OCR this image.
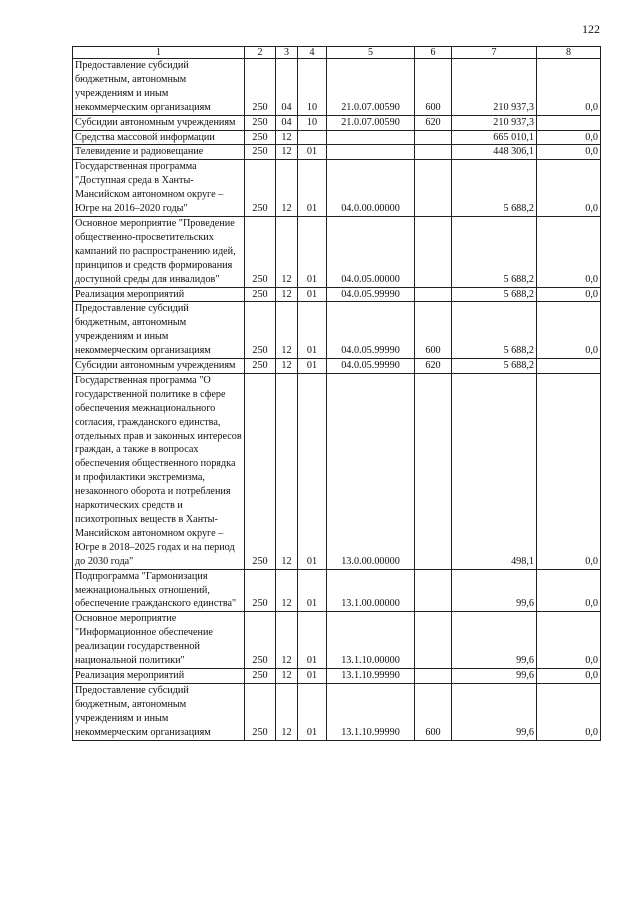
122
1	2	3	4	5	6	7	8
Предоставление субсидий бюджетным, автономным учреждениям и иным некоммерческим организациям	250	04	10	21.0.07.00590	600	210 937,3	0,0
Субсидии автономным учреждениям	250	04	10	21.0.07.00590	620	210 937,3	
Средства массовой информации	250	12				665 010,1	0,0
Телевидение и радиовещание	250	12	01			448 306,1	0,0
Государственная программа "Доступная среда в Ханты-Мансийском автономном округе – Югре на 2016–2020 годы"	250	12	01	04.0.00.00000		5 688,2	0,0
Основное мероприятие "Проведение общественно-просветительских кампаний по распространению идей, принципов и средств формирования доступной среды для инвалидов"	250	12	01	04.0.05.00000		5 688,2	0,0
Реализация мероприятий	250	12	01	04.0.05.99990		5 688,2	0,0
Предоставление субсидий бюджетным, автономным учреждениям и иным некоммерческим организациям	250	12	01	04.0.05.99990	600	5 688,2	0,0
Субсидии автономным учреждениям	250	12	01	04.0.05.99990	620	5 688,2	
Государственная программа "О государственной политике в сфере обеспечения межнационального согласия, гражданского единства, отдельных прав и законных интересов граждан, а также в вопросах обеспечения общественного порядка и профилактики экстремизма, незаконного оборота и потребления наркотических средств и психотропных веществ в Ханты-Мансийском автономном округе – Югре в 2018–2025 годах и на период до 2030 года"	250	12	01	13.0.00.00000		498,1	0,0
Подпрограмма "Гармонизация межнациональных отношений, обеспечение гражданского единства"	250	12	01	13.1.00.00000		99,6	0,0
Основное мероприятие "Информационное обеспечение реализации государственной национальной политики"	250	12	01	13.1.10.00000		99,6	0,0
Реализация мероприятий	250	12	01	13.1.10.99990		99,6	0,0
Предоставление субсидий бюджетным, автономным учреждениям и иным некоммерческим организациям	250	12	01	13.1.10.99990	600	99,6	0,0
